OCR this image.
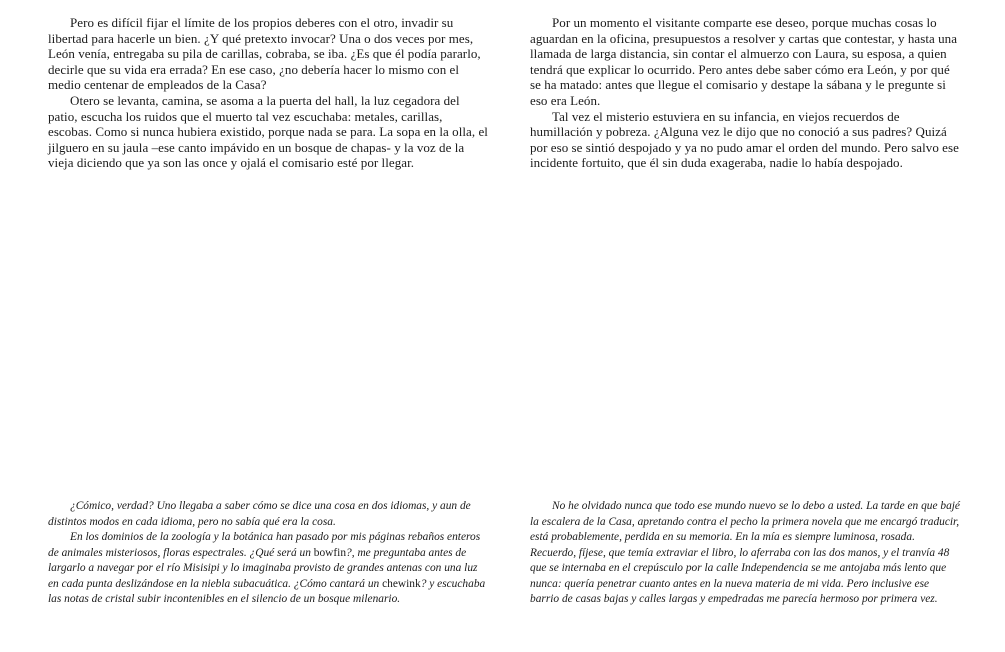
Pero es difícil fijar el límite de los propios deberes con el otro, invadir su libertad para hacerle un bien. ¿Y qué pretexto invocar? Una o dos veces por mes, León venía, entregaba su pila de carillas, cobraba, se iba. ¿Es que él podía pararlo, decirle que su vida era errada? En ese caso, ¿no debería hacer lo mismo con el medio centenar de empleados de la Casa?

Otero se levanta, camina, se asoma a la puerta del hall, la luz cegadora del patio, escucha los ruidos que el muerto tal vez escuchaba: metales, carillas, escobas. Como si nunca hubiera existido, porque nada se para. La sopa en la olla, el jilguero en su jaula –ese canto impávido en un bosque de chapas- y la voz de la vieja diciendo que ya son las once y ojalá el comisario esté por llegar.

Por un momento el visitante comparte ese deseo, porque muchas cosas lo aguardan en la oficina, presupuestos a resolver y cartas que contestar, y hasta una llamada de larga distancia, sin contar el almuerzo con Laura, su esposa, a quien tendrá que explicar lo ocurrido. Pero antes debe saber cómo era León, y por qué se ha matado: antes que llegue el comisario y destape la sábana y le pregunte si eso era León.

Tal vez el misterio estuviera en su infancia, en viejos recuerdos de humillación y pobreza. ¿Alguna vez le dijo que no conoció a sus padres? Quizá por eso se sintió despojado y ya no pudo amar el orden del mundo. Pero salvo ese incidente fortuito, que él sin duda exageraba, nadie lo había despojado.

¿Cómico, verdad? Uno llegaba a saber cómo se dice una cosa en dos idiomas, y aun de distintos modos en cada idioma, pero no sabía qué era la cosa.

En los dominios de la zoología y la botánica han pasado por mis páginas rebaños enteros de animales misteriosos, floras espectrales. ¿Qué será un bowfin?, me preguntaba antes de largarlo a navegar por el río Misisipi y lo imaginaba provisto de grandes antenas con una luz en cada punta deslizándose en la niebla subacuática. ¿Cómo cantará un chewink? y escuchaba las notas de cristal subir incontenibles en el silencio de un bosque milenario.

No he olvidado nunca que todo ese mundo nuevo se lo debo a usted. La tarde en que bajé la escalera de la Casa, apretando contra el pecho la primera novela que me encargó traducir, está probablemente, perdida en su memoria. En la mía es siempre luminosa, rosada. Recuerdo, fíjese, que temía extraviar el libro, lo aferraba con las dos manos, y el tranvía 48 que se internaba en el crepúsculo por la calle Independencia se me antojaba más lento que nunca: quería penetrar cuanto antes en la nueva materia de mi vida. Pero inclusive ese barrio de casas bajas y calles largas y empedradas me parecía hermoso por primera vez.
